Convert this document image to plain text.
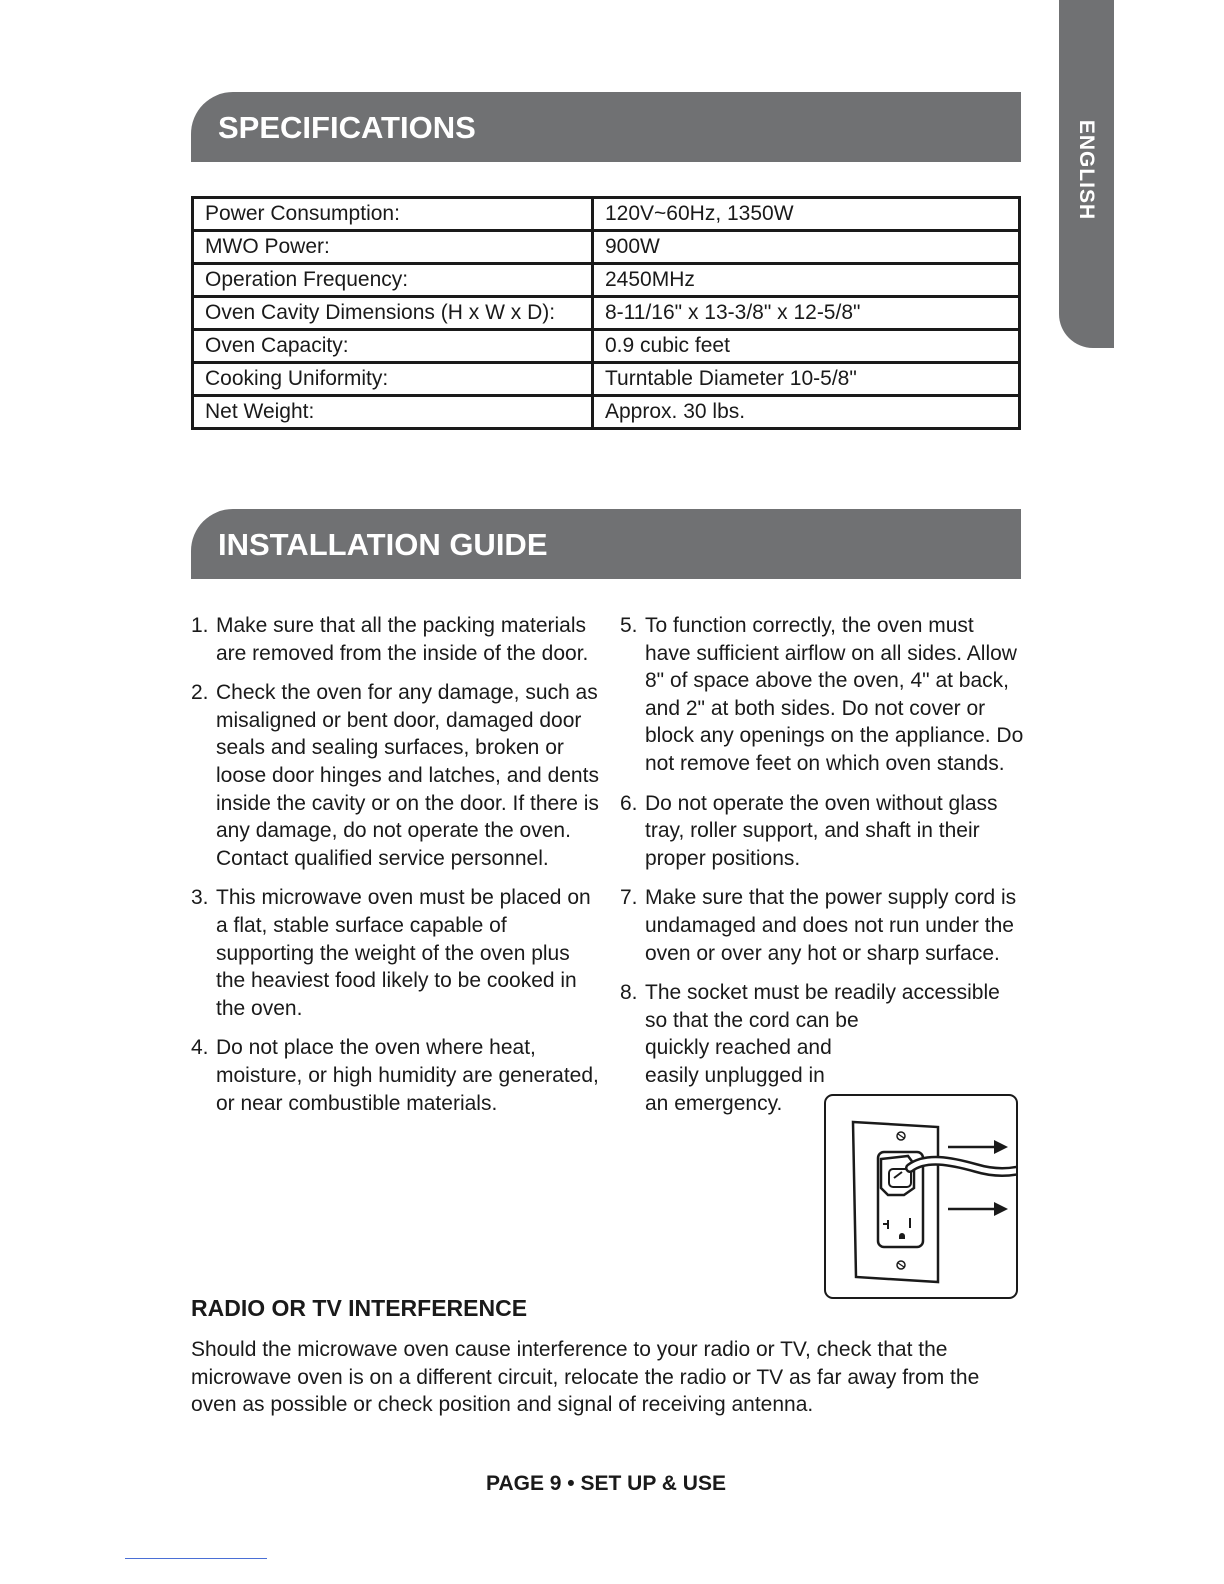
ENGLISH
SPECIFICATIONS
Power Consumption:	120V~60Hz, 1350W
MWO Power:	900W
Operation Frequency:	2450MHz
Oven Cavity Dimensions (H x W x D):	8-11/16" x 13-3/8" x 12-5/8"
Oven Capacity:	0.9 cubic feet
Cooking Uniformity:	Turntable Diameter 10-5/8"
Net Weight:	Approx. 30 lbs.
INSTALLATION GUIDE
1. Make sure that all the packing materials are removed from the inside of the door.
2. Check the oven for any damage, such as misaligned or bent door, damaged door seals and sealing surfaces, broken or loose door hinges and latches, and dents inside the cavity or on the door. If there is any damage, do not operate the oven. Contact qualified service personnel.
3. This microwave oven must be placed on a flat, stable surface capable of supporting the weight of the oven plus the heaviest food likely to be cooked in the oven.
4. Do not place the oven where heat, moisture, or high humidity are generated, or near combustible materials.
5. To function correctly, the oven must have sufficient airflow on all sides. Allow 8" of space above the oven, 4" at back, and 2" at both sides. Do not cover or block any openings on the appliance. Do not remove feet on which oven stands.
6. Do not operate the oven without glass tray, roller support, and shaft in their proper positions.
7. Make sure that the power supply cord is undamaged and does not run under the oven or over any hot or sharp surface.
8. The socket must be readily accessible so that the cord can be
quickly reached and easily unplugged in an emergency.
RADIO OR TV INTERFERENCE
Should the microwave oven cause interference to your radio or TV, check that the microwave oven is on a different circuit, relocate the radio or TV as far away from the oven as possible or check position and signal of receiving antenna.
PAGE 9 • SET UP & USE
